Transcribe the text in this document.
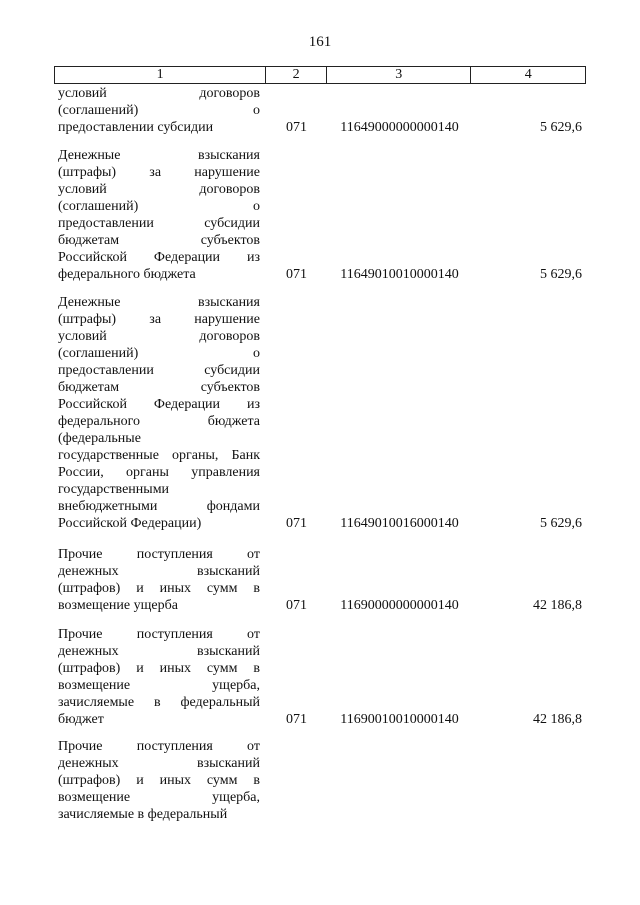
161
1	2	3	4
условий договоров
(соглашений) о
предоставлении субсидии	071	11649000000000140	5 629,6
Денежные взыскания
(штрафы) за нарушение
условий договоров
(соглашений) о
предоставлении субсидии
бюджетам субъектов
Российской Федерации из
федерального бюджета	071	11649010010000140	5 629,6
Денежные взыскания
(штрафы) за нарушение
условий договоров
(соглашений) о
предоставлении субсидии
бюджетам субъектов
Российской Федерации из
федерального бюджета
(федеральные
государственные органы, Банк
России, органы управления
государственными
внебюджетными фондами
Российской Федерации)	071	11649010016000140	5 629,6
Прочие поступления от
денежных взысканий
(штрафов) и иных сумм в
возмещение ущерба	071	11690000000000140	42 186,8
Прочие поступления от
денежных взысканий
(штрафов) и иных сумм в
возмещение ущерба,
зачисляемые в федеральный
бюджет	071	11690010010000140	42 186,8
Прочие поступления от
денежных взысканий
(штрафов) и иных сумм в
возмещение ущерба,
зачисляемые в федеральный
